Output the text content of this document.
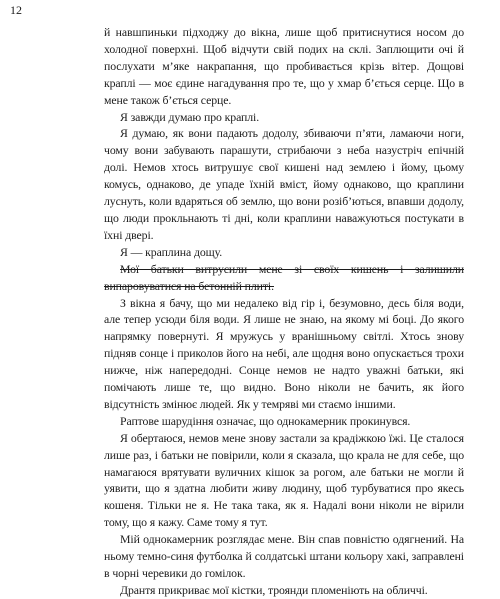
12

й навшпиньки підходжу до вікна, лише щоб притиснутися носом до холодної поверхні. Щоб відчути свій подих на склі. Заплющити очі й послухати м’яке накрапання, що пробивається крізь вітер. Дощові краплі — моє єдине нагадування про те, що у хмар б’ється серце. Що в мене також б’ється серце.

Я завжди думаю про краплі.

Я думаю, як вони падають додолу, збиваючи п’яти, ламаючи ноги, чому вони забувають парашути, стрибаючи з неба назустріч епічній долі. Немов хтось витрушує свої кишені над землею і йому, цьому комусь, однаково, де упаде їхній вміст, йому однаково, що краплини луснуть, коли вдаряться об землю, що вони розіб’ються, впавши додолу, що люди прокльнають ті дні, коли краплини наважуються постукати в їхні двері.

Я — краплина дощу.

Мої батьки витрусили мене зі своїх кишень і залишили випаровуватися на бетонній плиті.

З вікна я бачу, що ми недалеко від гір і, безумовно, десь біля води, але тепер усюди біля води. Я лише не знаю, на якому мі боці. До якого напрямку повернуті. Я мружусь у вранішньому світлі. Хтось знову підняв сонце і приколов його на небі, але щодня воно опускається трохи нижче, ніж напередодні. Сонце немов не надто уважні батьки, які помічають лише те, що видно. Воно ніколи не бачить, як його відсутність змінює людей. Як у темряві ми стаємо іншими.

Раптове шарудіння означає, що однокамерник прокинувся.

Я обертаюся, немов мене знову застали за крадіжкою їжі. Це сталося лише раз, і батьки не повірили, коли я сказала, що крала не для себе, що намагаюся врятувати вуличних кішок за рогом, але батьки не могли й уявити, що я здатна любити живу людину, щоб турбуватися про якесь кошеня. Тільки не я. Не така така, як я. Надалі вони ніколи не вірили тому, що я кажу. Саме тому я тут.

Мій однокамерник розглядає мене. Він спав повністю одягнений. На ньому темно-синя футболка й солдатські штани кольору хакі, заправлені в чорні черевики до гомілок.

Дрантя прикриває мої кістки, троянди пломеніють на обличчі.
